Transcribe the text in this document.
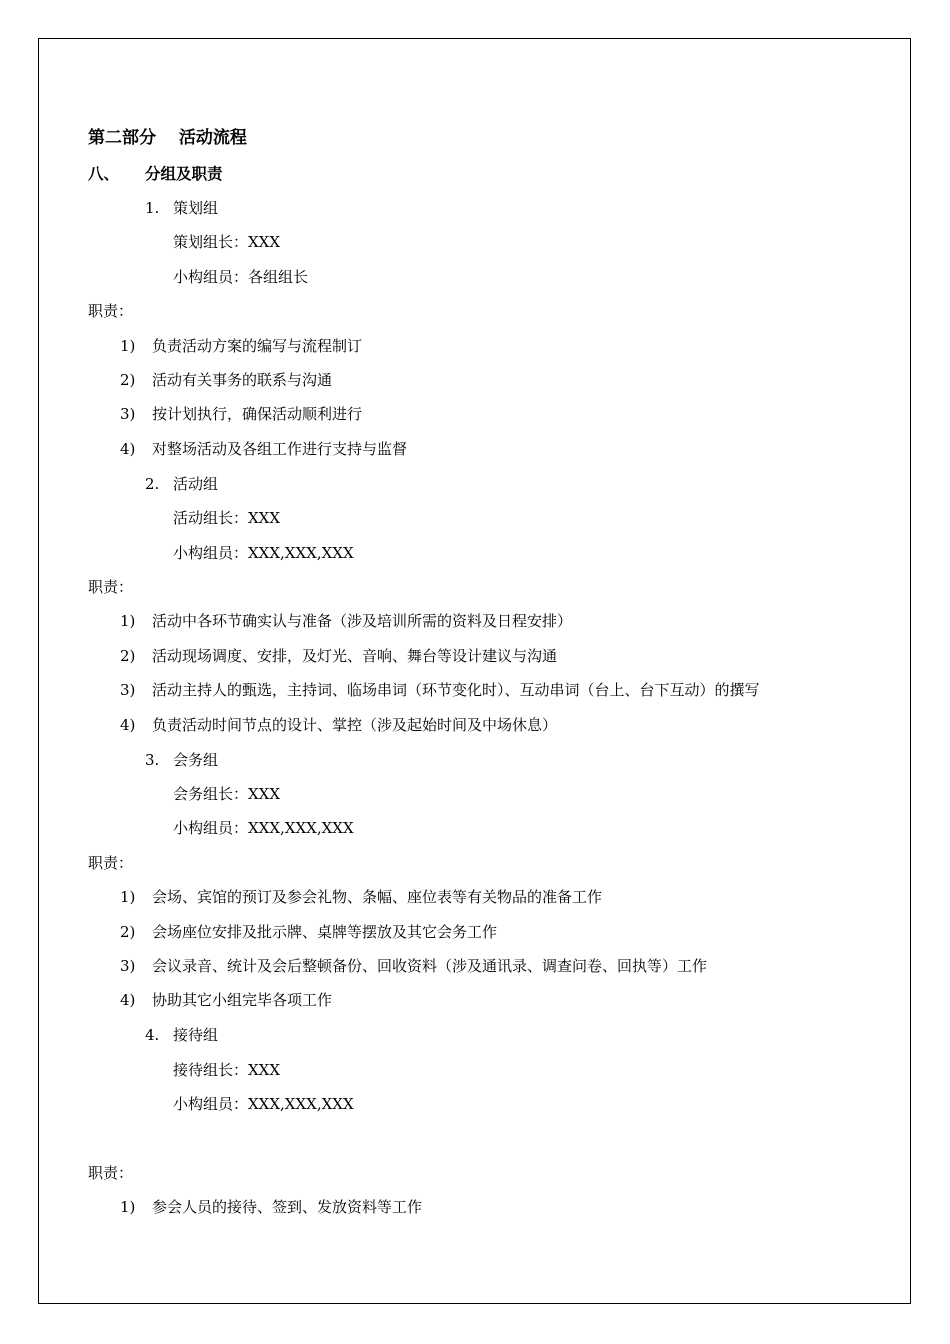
第二部分　 活动流程
八、 分组及职责
1. 策划组
策划组长：XXX
小构组员：各组组长
职责：
1) 负责活动方案的编写与流程制订
2) 活动有关事务的联系与沟通
3) 按计划执行，确保活动顺利进行
4) 对整场活动及各组工作进行支持与监督
2. 活动组
活动组长：XXX
小构组员：XXX,XXX,XXX
职责：
1) 活动中各环节确实认与准备（涉及培训所需的资料及日程安排）
2) 活动现场调度、安排，及灯光、音响、舞台等设计建议与沟通
3) 活动主持人的甄选，主持词、临场串词（环节变化时）、互动串词（台上、台下互动）的撰写
4) 负责活动时间节点的设计、掌控（涉及起始时间及中场休息）
3. 会务组
会务组长：XXX
小构组员：XXX,XXX,XXX
职责：
1) 会场、宾馆的预订及参会礼物、条幅、座位表等有关物品的准备工作
2) 会场座位安排及批示牌、桌牌等摆放及其它会务工作
3) 会议录音、统计及会后整顿备份、回收资料（涉及通讯录、调查问卷、回执等）工作
4) 协助其它小组完毕各项工作
4. 接待组
接待组长：XXX
小构组员：XXX,XXX,XXX
职责：
1) 参会人员的接待、签到、发放资料等工作
